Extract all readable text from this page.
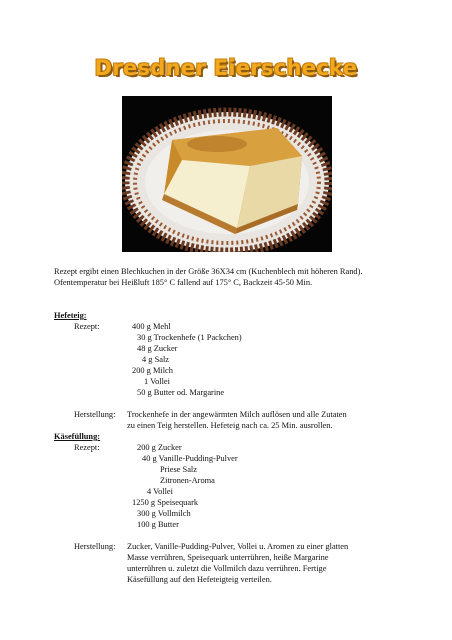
Dresdner Eierschecke
Rezept ergibt einen Blechkuchen in der Größe 36X34 cm (Kuchenblech mit höheren Rand).
Ofentemperatur bei Heißluft 185° C fallend auf 175° C, Backzeit 45-50 Min.
Hefeteig:
Rezept:	400 g Mehl
30 g Trockenhefe (1 Packchen)
48 g Zucker
4 g Salz
200 g Milch
1 Vollei
50 g Butter od. Margarine
Herstellung: Trockenhefe in der angewärmten Milch auflösen und alle Zutaten
zu einen Teig herstellen. Hefeteig nach ca. 25 Min. ausrollen.
Käsefüllung:
Rezept:	200 g Zucker
40 g Vanille-Pudding-Pulver
Priese Salz
Zitronen-Aroma
4 Vollei
1250 g Speisequark
300 g Vollmilch
100 g Butter
Herstellung: Zucker, Vanille-Pudding-Pulver, Vollei u. Aromen zu einer glatten
Masse verrühren, Speisequark unterrühren, heiße Margarine
unterrühren u. zuletzt die Vollmilch dazu verrühren. Fertige
Käsefüllung auf den Hefeteigteig verteilen.
